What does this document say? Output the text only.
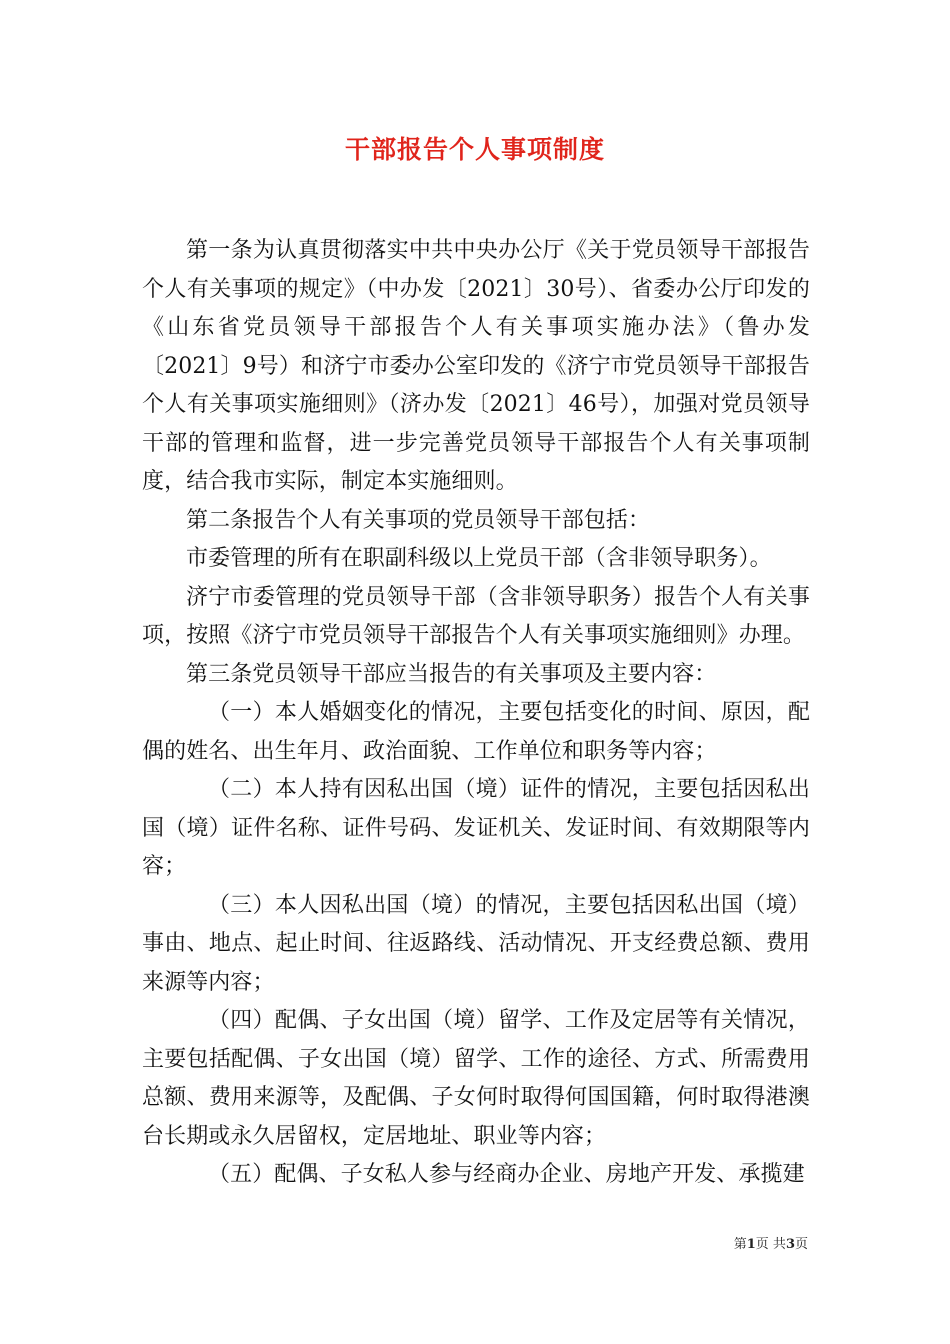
干部报告个人事项制度

第一条为认真贯彻落实中共中央办公厅《关于党员领导干部报告个人有关事项的规定》（中办发〔2021〕30号）、省委办公厅印发的《山东省党员领导干部报告个人有关事项实施办法》（鲁办发〔2021〕9号）和济宁市委办公室印发的《济宁市党员领导干部报告个人有关事项实施细则》（济办发〔2021〕46号），加强对党员领导干部的管理和监督，进一步完善党员领导干部报告个人有关事项制度，结合我市实际，制定本实施细则。

第二条报告个人有关事项的党员领导干部包括：

市委管理的所有在职副科级以上党员干部（含非领导职务）。

济宁市委管理的党员领导干部（含非领导职务）报告个人有关事项，按照《济宁市党员领导干部报告个人有关事项实施细则》办理。

第三条党员领导干部应当报告的有关事项及主要内容：

（一）本人婚姻变化的情况，主要包括变化的时间、原因，配偶的姓名、出生年月、政治面貌、工作单位和职务等内容；

（二）本人持有因私出国（境）证件的情况，主要包括因私出国（境）证件名称、证件号码、发证机关、发证时间、有效期限等内容；

（三）本人因私出国（境）的情况，主要包括因私出国（境）事由、地点、起止时间、往返路线、活动情况、开支经费总额、费用来源等内容；

（四）配偶、子女出国（境）留学、工作及定居等有关情况，主要包括配偶、子女出国（境）留学、工作的途径、方式、所需费用总额、费用来源等，及配偶、子女何时取得何国国籍，何时取得港澳台长期或永久居留权，定居地址、职业等内容；

（五）配偶、子女私人参与经商办企业、房地产开发、承揽建

第1页 共3页
